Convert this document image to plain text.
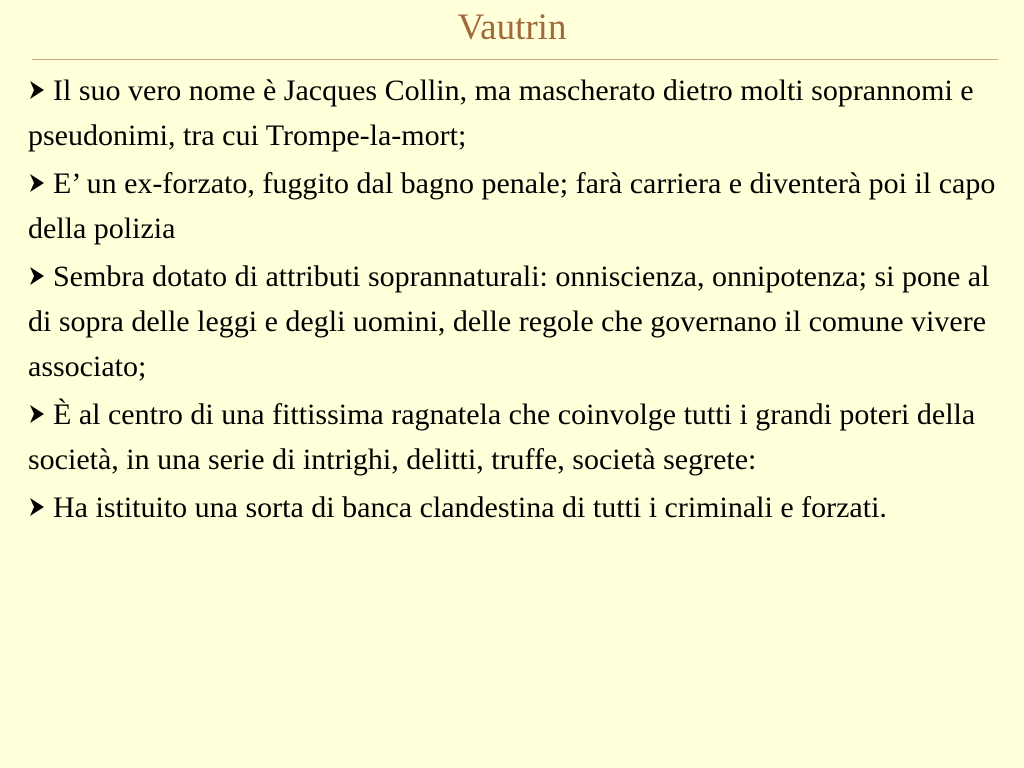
Vautrin
Il suo vero nome è Jacques Collin, ma mascherato dietro molti soprannomi e pseudonimi, tra cui Trompe-la-mort;
E’ un ex-forzato, fuggito dal bagno penale; farà carriera e diventerà poi il capo della polizia
Sembra dotato di attributi soprannaturali: onniscienza, onnipotenza; si pone al di sopra delle leggi e degli uomini, delle regole che governano il comune vivere associato;
È al centro di una fittissima ragnatela che coinvolge tutti i grandi poteri della società, in una serie di intrighi, delitti, truffe, società segrete:
Ha istituito una sorta di banca clandestina di tutti i criminali e forzati.
